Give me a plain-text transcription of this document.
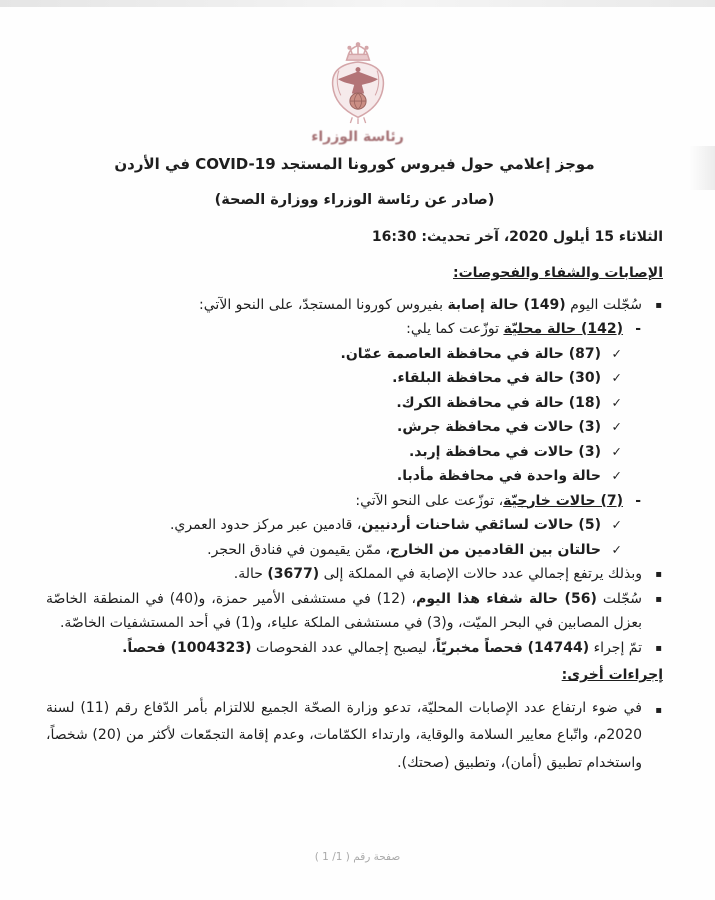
رئاسة الوزراء
موجز إعلامي حول فيروس كورونا المستجد COVID-19 في الأردن
(صادر عن رئاسة الوزراء ووزارة الصحة)
الثلاثاء 15 أيلول 2020، آخر تحديث: 16:30
الإصابات والشفاء والفحوصات:
▪
سُجّلت اليوم (149) حالة إصابة بفيروس كورونا المستجدّ، على النحو الآتي:
-
(142) حالة محليّة توزّعت كما يلي:
✓
(87) حالة في محافظة العاصمة عمّان.
✓
(30) حالة في محافظة البلقاء.
✓
(18) حالة في محافظة الكرك.
✓
(3) حالات في محافظة جرش.
✓
(3) حالات في محافظة إربد.
✓
حالة واحدة في محافظة مأدبا.
-
(7) حالات خارجيّة، توزّعت على النحو الآتي:
✓
(5) حالات لسائقي شاحنات أردنيين، قادمين عبر مركز حدود العمري.
✓
حالتان بين القادمين من الخارج، ممّن يقيمون في فنادق الحجر.
▪
وبذلك يرتفع إجمالي عدد حالات الإصابة في المملكة إلى (3677) حالة.
▪
سُجّلت (56) حالة شفاء هذا اليوم، (12) في مستشفى الأمير حمزة، و(40) في المنطقة الخاصّة بعزل المصابين في البحر الميّت، و(3) في مستشفى الملكة علياء، و(1) في أحد المستشفيات الخاصّة.
▪
تمّ إجراء (14744) فحصاً مخبريّاً، ليصبح إجمالي عدد الفحوصات (1004323) فحصاً.
إجراءات أخرى:
▪
في ضوء ارتفاع عدد الإصابات المحليّة، تدعو وزارة الصحّة الجميع للالتزام بأمر الدّفاع رقم (11) لسنة 2020م، واتّباع معايير السلامة والوقاية، وارتداء الكمّامات، وعدم إقامة التجمّعات لأكثر من (20) شخصاً، واستخدام تطبيق (أمان)، وتطبيق (صحتك).
صفحة رقم ( 1/ 1 )
